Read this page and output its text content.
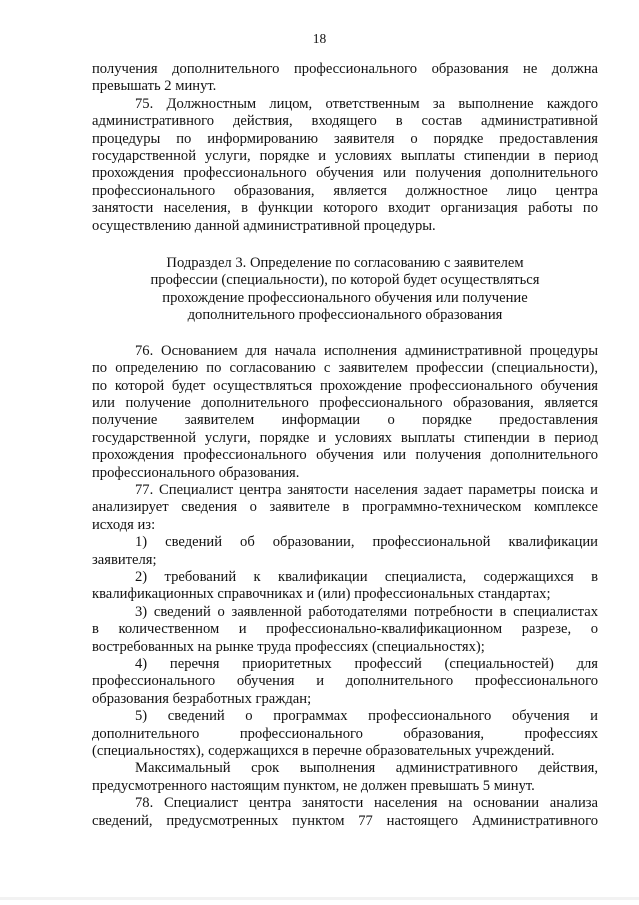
18

получения дополнительного профессионального образования не должна
превышать 2 минут.

75. Должностным лицом, ответственным за выполнение каждого
административного действия, входящего в состав административной
процедуры по информированию заявителя о порядке предоставления
государственной услуги, порядке и условиях выплаты стипендии в период
прохождения профессионального обучения или получения дополнительного
профессионального образования, является должностное лицо центра
занятости населения, в функции которого входит организация работы по
осуществлению данной административной процедуры.

Подраздел 3. Определение по согласованию с заявителем
профессии (специальности), по которой будет осуществляться
прохождение профессионального обучения или получение
дополнительного профессионального образования

76. Основанием для начала исполнения административной процедуры
по определению по согласованию с заявителем профессии (специальности),
по которой будет осуществляться прохождение профессионального обучения
или получение дополнительного профессионального образования, является
получение заявителем информации о порядке предоставления
государственной услуги, порядке и условиях выплаты стипендии в период
прохождения профессионального обучения или получения дополнительного
профессионального образования.

77. Специалист центра занятости населения задает параметры поиска и
анализирует сведения о заявителе в программно-техническом комплексе
исходя из:

1) сведений об образовании, профессиональной квалификации
заявителя;

2) требований к квалификации специалиста, содержащихся в
квалификационных справочниках и (или) профессиональных стандартах;

3) сведений о заявленной работодателями потребности в специалистах
в количественном и профессионально-квалификационном разрезе, о
востребованных на рынке труда профессиях (специальностях);

4) перечня приоритетных профессий (специальностей) для
профессионального обучения и дополнительного профессионального
образования безработных граждан;

5) сведений о программах профессионального обучения и
дополнительного профессионального образования, профессиях
(специальностях), содержащихся в перечне образовательных учреждений.

Максимальный срок выполнения административного действия,
предусмотренного настоящим пунктом, не должен превышать 5 минут.

78. Специалист центра занятости населения на основании анализа
сведений, предусмотренных пунктом 77 настоящего Административного
